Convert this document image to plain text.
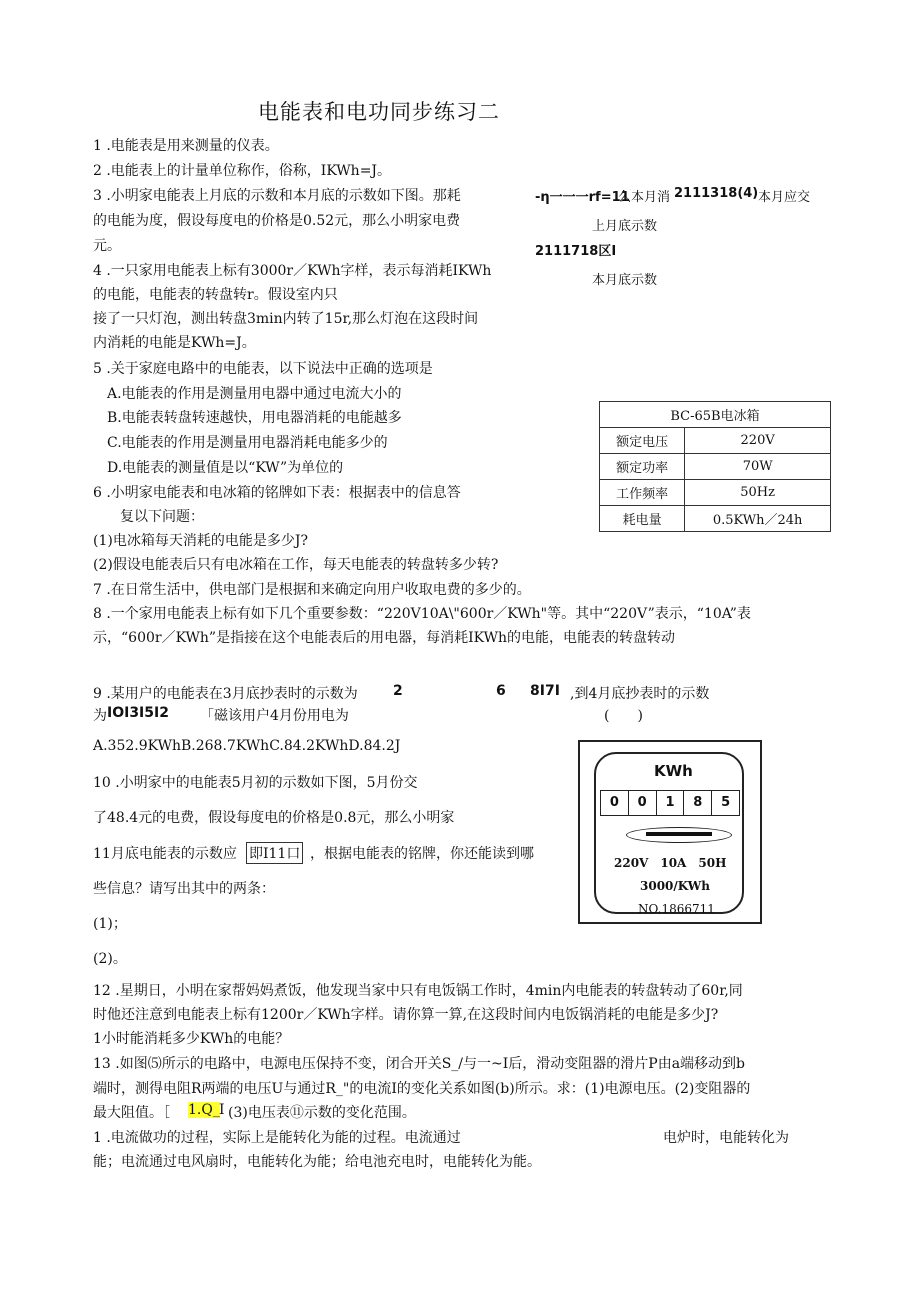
电能表和电功同步练习二
1 .电能表是用来测量的仪表。
2 .电能表上的计量单位称作，俗称，IKWh=J。
3 .小明家电能表上月底的示数和本月底的示数如下图。那耗
的电能为度，假设每度电的价格是0.52元，那么小明家电费
元。
4 .一只家用电能表上标有3000r／KWh字样，表示每消耗IKWh
的电能，电能表的转盘转r。假设室内只
接了一只灯泡，测出转盘3min内转了15r,那么灯泡在这段时间
内消耗的电能是KWh=J。
5 .关于家庭电路中的电能表，以下说法中正确的选项是
A.电能表的作用是测量用电器中通过电流大小的
B.电能表转盘转速越快，用电器消耗的电能越多
C.电能表的作用是测量用电器消耗电能多少的
D.电能表的测量值是以“KW”为单位的
6 .小明家电能表和电冰箱的铭牌如下表：根据表中的信息答
复以下问题：
(1)电冰箱每天消耗的电能是多少J?
(2)假设电能表后只有电冰箱在工作，每天电能表的转盘转多少转?
7 .在日常生活中，供电部门是根据和来确定向用户收取电费的多少的。
8 .一个家用电能表上标有如下几个重要参数：“220V10A\"600r／KWh"等。其中“220V”表示，“10A”表
示，“600r／KWh”是指接在这个电能表后的用电器，每消耗IKWh的电能，电能表的转盘转动
-η一一一rf=11
么本月消 2111318(4) 本月应交
上月底示数
2111718区I
本月底示数
BC-65B电冰箱	
额定电压	220V
额定功率	70W
工作频率	50Hz
耗电量	0.5KWh／24h
9 .某用户的电能表在3月底抄表时的示数为	2	6 8I7I ,到4月底抄表时的示数
为 IOI3I5I2 「磁该用户4月份用电为	(　　)
A.352.9KWhB.268.7KWhC.84.2KWhD.84.2J
10 .小明家中的电能表5月初的示数如下图，5月份交
了48.4元的电费，假设每度电的价格是0.8元，那么小明家
11月底电能表的示数应 即I11口 ，根据电能表的铭牌，你还能读到哪
些信息？请写出其中的两条：
(1)；
(2)。
KWh
0	0	1	8	5
220V　10A　50H
3000/KWh
NO.1866711
12 .星期日，小明在家帮妈妈煮饭，他发现当家中只有电饭锅工作时，4min内电能表的转盘转动了60r,同
时他还注意到电能表上标有1200r／KWh字样。请你算一算,在这段时间内电饭锅消耗的电能是多少J?
1小时能消耗多少KWh的电能？
13 .如图⑸所示的电路中，电源电压保持不变，闭合开关S_/与一~I后，滑动变阻器的滑片P由a端移动到b
端时，测得电阻R两端的电压U与通过R_"的电流I的变化关系如图(b)所示。求：(1)电源电压。(2)变阻器的
最大阻值。［ 1.Q_ I (3)电压表⑪示数的变化范围。
1 .电流做功的过程，实际上是能转化为能的过程。电流通过	电炉时，电能转化为
能；电流通过电风扇时，电能转化为能；给电池充电时，电能转化为能。
